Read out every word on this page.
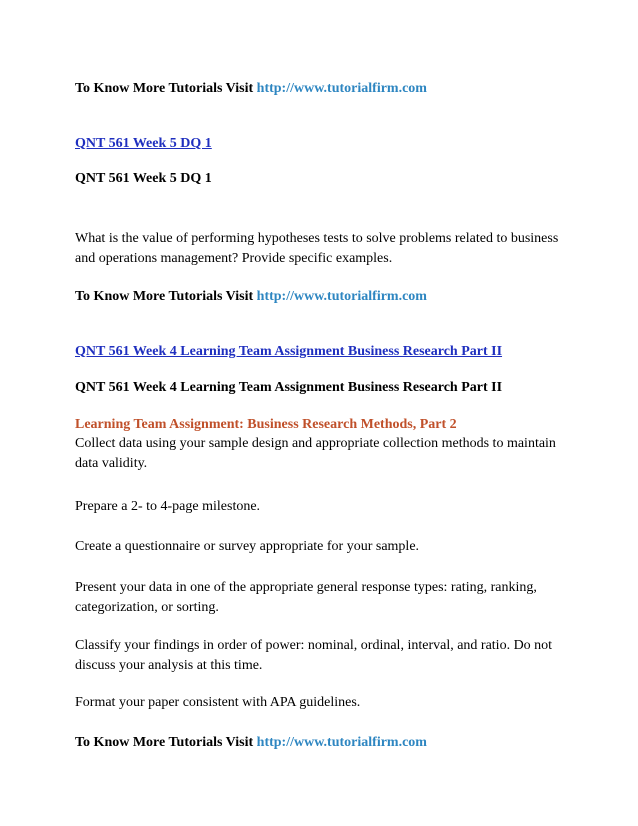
To Know More Tutorials Visit http://www.tutorialfirm.com
QNT 561 Week 5 DQ 1
QNT 561 Week 5 DQ 1
What is the value of performing hypotheses tests to solve problems related to business and operations management? Provide specific examples.
To Know More Tutorials Visit http://www.tutorialfirm.com
QNT 561 Week 4 Learning Team Assignment Business Research Part II
QNT 561 Week 4 Learning Team Assignment Business Research Part II
Learning Team Assignment: Business Research Methods, Part 2
Collect data using your sample design and appropriate collection methods to maintain data validity.
Prepare a 2- to 4-page milestone.
Create a questionnaire or survey appropriate for your sample.
Present your data in one of the appropriate general response types: rating, ranking, categorization, or sorting.
Classify your findings in order of power: nominal, ordinal, interval, and ratio. Do not discuss your analysis at this time.
Format your paper consistent with APA guidelines.
To Know More Tutorials Visit http://www.tutorialfirm.com
